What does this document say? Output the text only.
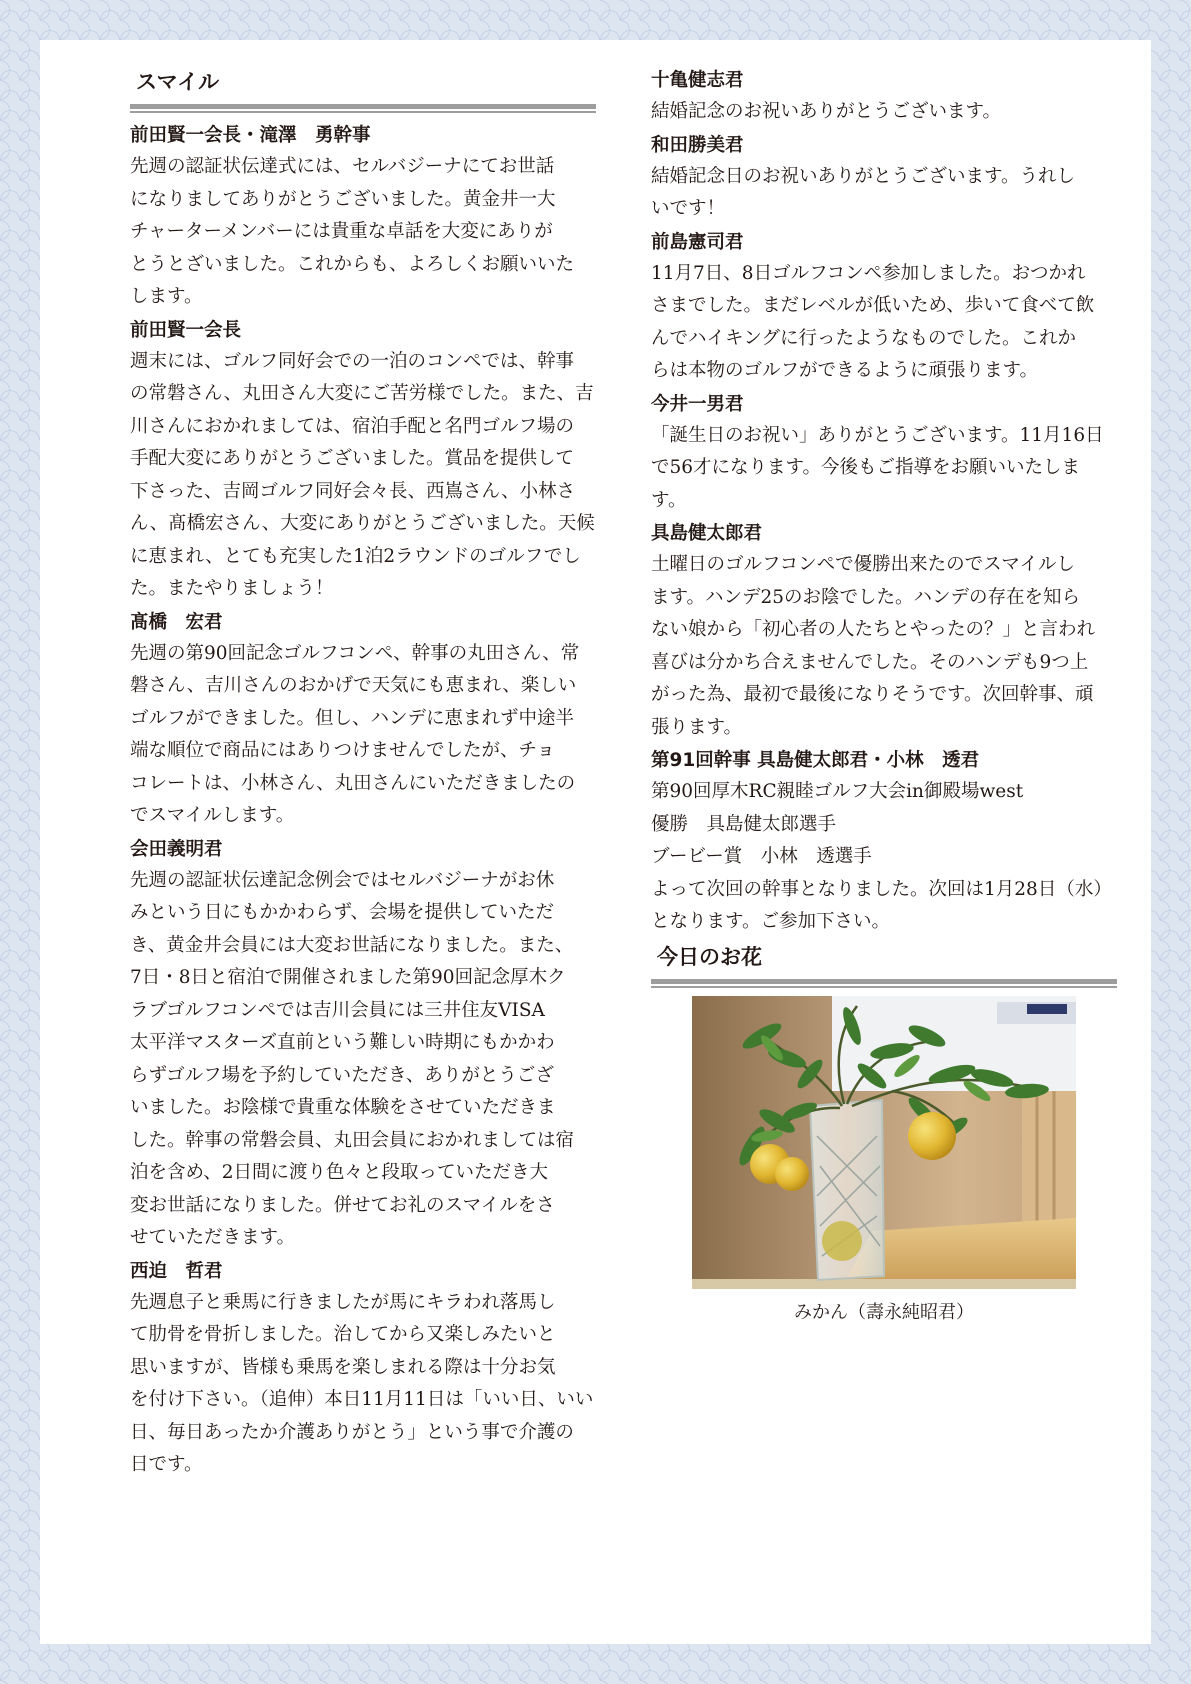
スマイル

前田賢一会長・滝澤　勇幹事

先週の認証状伝達式には、セルバジーナにてお世話
になりましてありがとうございました。黄金井一大
チャーターメンバーには貴重な卓話を大変にありが
とうとざいました。これからも、よろしくお願いいた
します。

前田賢一会長

週末には、ゴルフ同好会での一泊のコンペでは、幹事
の常磐さん、丸田さん大変にご苦労様でした。また、吉
川さんにおかれましては、宿泊手配と名門ゴルフ場の
手配大変にありがとうございました。賞品を提供して
下さった、吉岡ゴルフ同好会々長、西嶌さん、小林さ
ん、髙橋宏さん、大変にありがとうございました。天候
に恵まれ、とても充実した1泊2ラウンドのゴルフでし
た。またやりましょう！

髙橋　宏君

先週の第90回記念ゴルフコンペ、幹事の丸田さん、常
磐さん、吉川さんのおかげで天気にも恵まれ、楽しい
ゴルフができました。但し、ハンデに恵まれず中途半
端な順位で商品にはありつけませんでしたが、チョ
コレートは、小林さん、丸田さんにいただきましたの
でスマイルします。

会田義明君

先週の認証状伝達記念例会ではセルバジーナがお休
みという日にもかかわらず、会場を提供していただ
き、黄金井会員には大変お世話になりました。また、
7日・8日と宿泊で開催されました第90回記念厚木ク
ラブゴルフコンペでは吉川会員には三井住友VISA
太平洋マスターズ直前という難しい時期にもかかわ
らずゴルフ場を予約していただき、ありがとうござ
いました。お陰様で貴重な体験をさせていただきま
した。幹事の常磐会員、丸田会員におかれましては宿
泊を含め、2日間に渡り色々と段取っていただき大
変お世話になりました。併せてお礼のスマイルをさ
せていただきます。

西迫　哲君

先週息子と乗馬に行きましたが馬にキラわれ落馬し
て肋骨を骨折しました。治してから又楽しみたいと
思いますが、皆様も乗馬を楽しまれる際は十分お気
を付け下さい。（追伸）本日11月11日は「いい日、いい
日、毎日あったか介護ありがとう」という事で介護の
日です。

十亀健志君

結婚記念のお祝いありがとうございます。

和田勝美君

結婚記念日のお祝いありがとうございます。うれし
いです！

前島憲司君

11月7日、8日ゴルフコンペ参加しました。おつかれ
さまでした。まだレベルが低いため、歩いて食べて飲
んでハイキングに行ったようなものでした。これか
らは本物のゴルフができるように頑張ります。

今井一男君

「誕生日のお祝い」ありがとうございます。11月16日
で56才になります。今後もご指導をお願いいたしま
す。

具島健太郎君

土曜日のゴルフコンペで優勝出来たのでスマイルし
ます。ハンデ25のお陰でした。ハンデの存在を知ら
ない娘から「初心者の人たちとやったの？」と言われ
喜びは分かち合えませんでした。そのハンデも9つ上
がった為、最初で最後になりそうです。次回幹事、頑
張ります。

第91回幹事 具島健太郎君・小林　透君

第90回厚木RC親睦ゴルフ大会in御殿場west
優勝　具島健太郎選手
ブービー賞　小林　透選手
よって次回の幹事となりました。次回は1月28日（水）
となります。ご参加下さい。

今日のお花
みかん（壽永純昭君）
